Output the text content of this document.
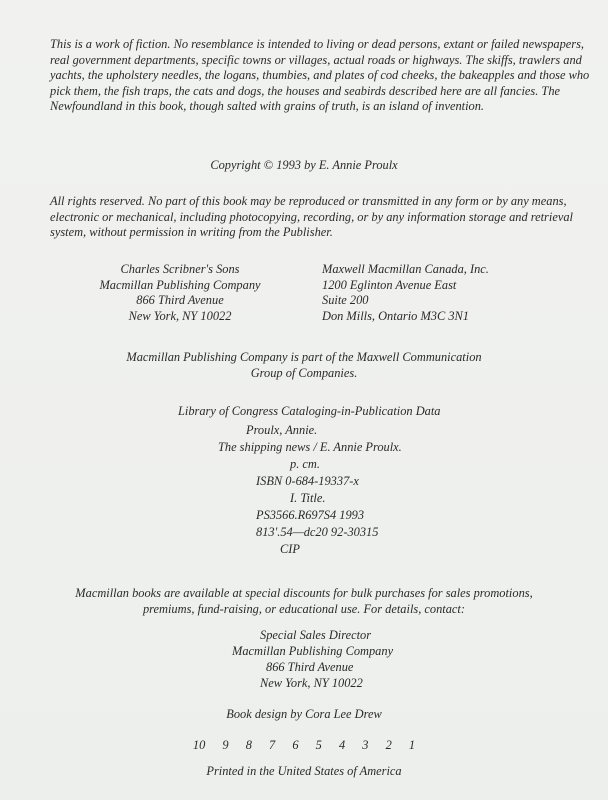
This is a work of fiction. No resemblance is intended to living or dead persons, extant or failed newspapers, real government departments, specific towns or villages, actual roads or highways. The skiffs, trawlers and yachts, the upholstery needles, the logans, thumbies, and plates of cod cheeks, the bakeapples and those who pick them, the fish traps, the cats and dogs, the houses and seabirds described here are all fancies. The Newfoundland in this book, though salted with grains of truth, is an island of invention.

Copyright © 1993 by E. Annie Proulx
All rights reserved. No part of this book may be reproduced or transmitted in any form or by any means, electronic or mechanical, including photocopying, recording, or by any information storage and retrieval system, without permission in writing from the Publisher.
Charles Scribner's Sons
Macmillan Publishing Company
866 Third Avenue
New York, NY 10022
Maxwell Macmillan Canada, Inc.
1200 Eglinton Avenue East
Suite 200
Don Mills, Ontario M3C 3N1
Macmillan Publishing Company is part of the Maxwell Communication
Group of Companies.
Library of Congress Cataloging-in-Publication Data
Proulx, Annie.
The shipping news / E. Annie Proulx.
p. cm.
ISBN 0-684-19337-x
I. Title.
PS3566.R697S4 1993
813'.54—dc20 92-30315
CIP
Macmillan books are available at special discounts for bulk purchases for sales promotions,
premiums, fund-raising, or educational use. For details, contact:
Special Sales Director
Macmillan Publishing Company
866 Third Avenue
New York, NY 10022
Book design by Cora Lee Drew
10 9 8 7 6 5 4 3 2 1
Printed in the United States of America
